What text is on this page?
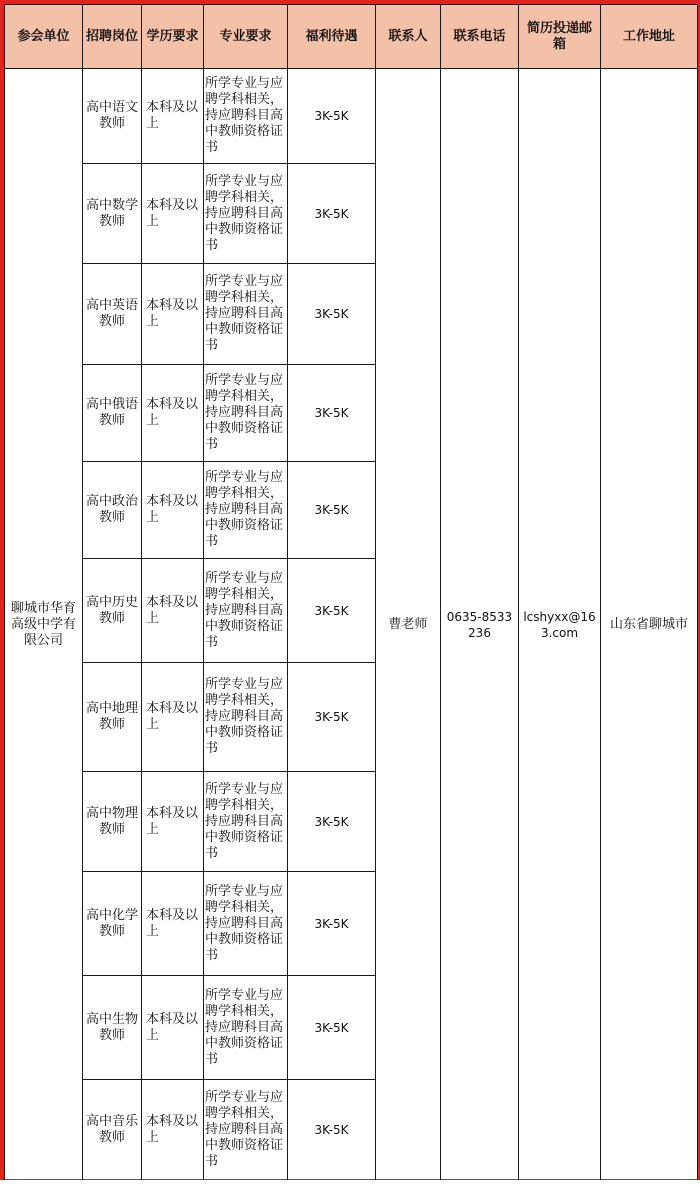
参会单位	招聘岗位	学历要求	专业要求	福利待遇	联系人	联系电话	简历投递邮箱	工作地址
聊城市华育高级中学有限公司	高中语文教师	本科及以上	所学专业与应聘学科相关，持应聘科目高中教师资格证书	3K-5K	曹老师	0635-8533236	lcshyxx@163.com	山东省聊城市
	高中数学教师	本科及以上	所学专业与应聘学科相关，持应聘科目高中教师资格证书	3K-5K				
	高中英语教师	本科及以上	所学专业与应聘学科相关，持应聘科目高中教师资格证书	3K-5K				
	高中俄语教师	本科及以上	所学专业与应聘学科相关，持应聘科目高中教师资格证书	3K-5K				
	高中政治教师	本科及以上	所学专业与应聘学科相关，持应聘科目高中教师资格证书	3K-5K				
	高中历史教师	本科及以上	所学专业与应聘学科相关，持应聘科目高中教师资格证书	3K-5K				
	高中地理教师	本科及以上	所学专业与应聘学科相关，持应聘科目高中教师资格证书	3K-5K				
	高中物理教师	本科及以上	所学专业与应聘学科相关，持应聘科目高中教师资格证书	3K-5K				
	高中化学教师	本科及以上	所学专业与应聘学科相关，持应聘科目高中教师资格证书	3K-5K				
	高中生物教师	本科及以上	所学专业与应聘学科相关，持应聘科目高中教师资格证书	3K-5K				
	高中音乐教师	本科及以上	所学专业与应聘学科相关，持应聘科目高中教师资格证书	3K-5K				
